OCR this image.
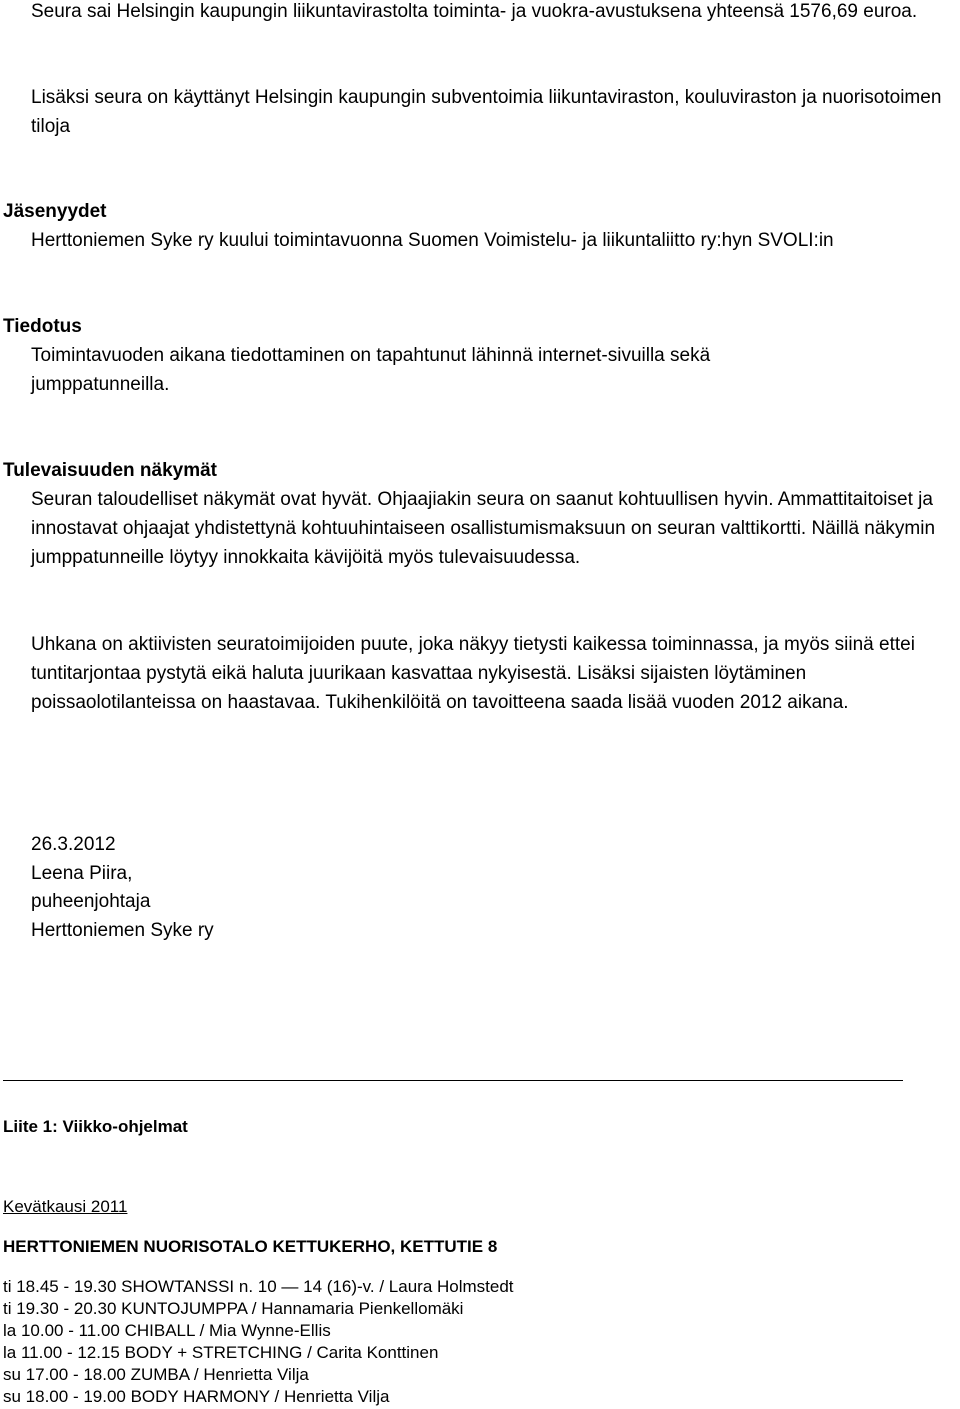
Seura sai Helsingin kaupungin liikuntavirastolta toiminta- ja vuokra-avustuksena yhteensä 1576,69 euroa.

Lisäksi seura on käyttänyt Helsingin kaupungin subventoimia liikuntaviraston, kouluviraston ja nuorisotoimen tiloja

Jäsenyydet

Herttoniemen Syke ry kuului toimintavuonna Suomen Voimistelu- ja liikuntaliitto ry:hyn SVOLI:in

Tiedotus

Toimintavuoden aikana tiedottaminen on tapahtunut lähinnä internet-sivuilla sekä jumppatunneilla.

Tulevaisuuden näkymät

Seuran taloudelliset näkymät ovat hyvät. Ohjaajiakin seura on saanut kohtuullisen hyvin. Ammattitaitoiset ja innostavat ohjaajat yhdistettynä kohtuuhintaiseen osallistumismaksuun on seuran valttikortti. Näillä näkymin jumppatunneille löytyy innokkaita kävijöitä myös tulevaisuudessa.

Uhkana on aktiivisten seuratoimijoiden puute, joka näkyy tietysti kaikessa toiminnassa, ja myös siinä ettei tuntitarjontaa pystytä eikä haluta juurikaan kasvattaa nykyisestä. Lisäksi sijaisten löytäminen poissaolotilanteissa on haastavaa. Tukihenkilöitä on tavoitteena saada lisää vuoden 2012 aikana.

26.3.2012

Leena Piira,

puheenjohtaja

Herttoniemen Syke ry

Liite 1: Viikko-ohjelmat

Kevätkausi 2011

HERTTONIEMEN NUORISOTALO KETTUKERHO, KETTUTIE 8

ti 18.45 - 19.30 SHOWTANSSI n. 10 — 14 (16)-v. / Laura Holmstedt
ti 19.30 - 20.30 KUNTOJUMPPA / Hannamaria Pienkellomäki
la 10.00 - 11.00 CHIBALL / Mia Wynne-Ellis
la 11.00 - 12.15 BODY + STRETCHING / Carita Konttinen
su 17.00 - 18.00 ZUMBA / Henrietta Vilja
su 18.00 - 19.00 BODY HARMONY / Henrietta Vilja
